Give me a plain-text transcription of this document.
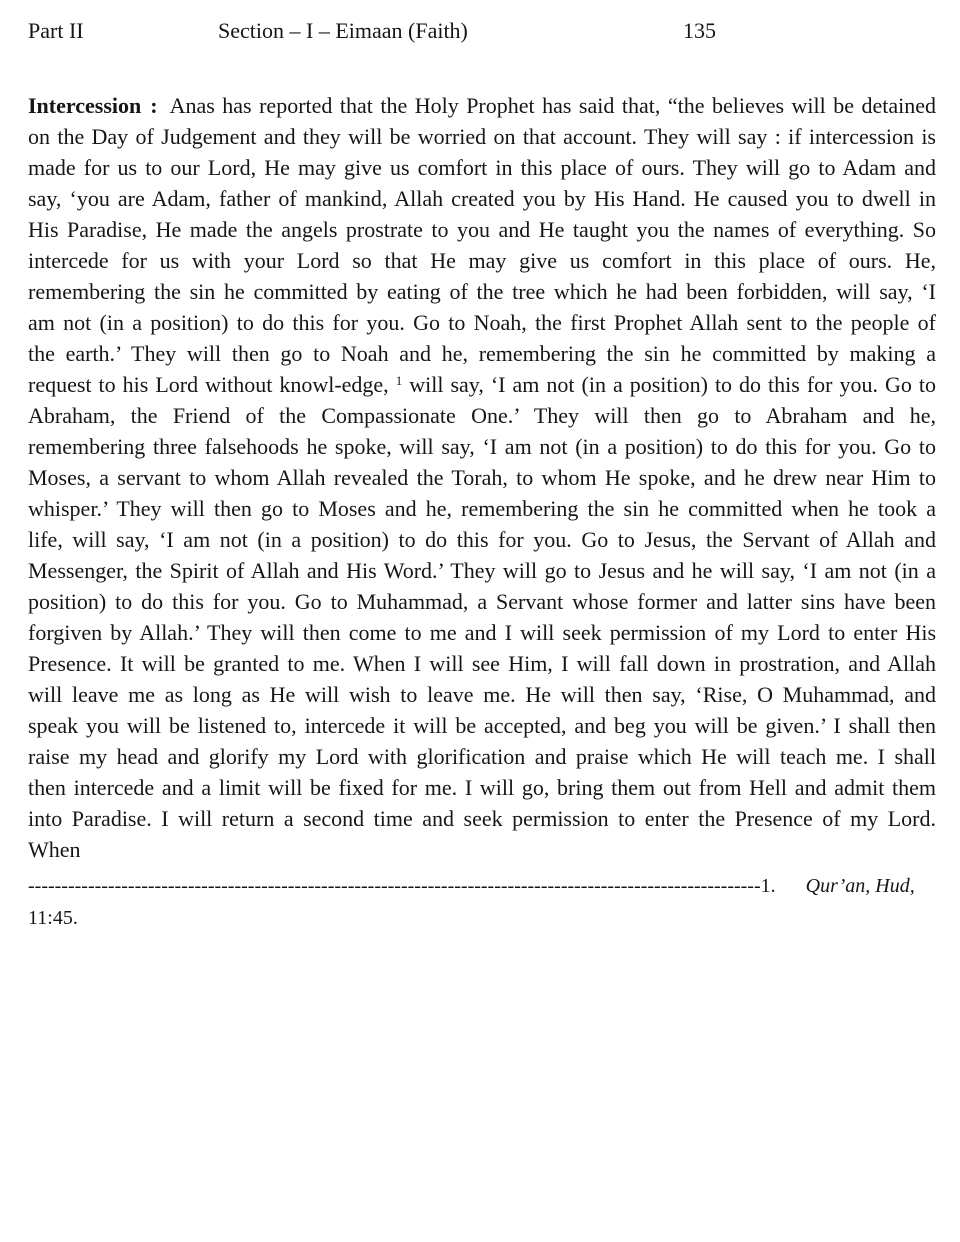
Part II	Section – I – Eimaan (Faith)	135

Intercession : Anas has reported that the Holy Prophet has said that, “the believes will be detained on the Day of Judgement and they will be worried on that account. They will say : if intercession is made for us to our Lord, He may give us comfort in this place of ours. They will go to Adam and say, ‘you are Adam, father of mankind, Allah created you by His Hand. He caused you to dwell in His Paradise, He made the angels prostrate to you and He taught you the names of everything. So intercede for us with your Lord so that He may give us comfort in this place of ours. He, remembering the sin he committed by eating of the tree which he had been forbidden, will say, ‘I am not (in a position) to do this for you. Go to Noah, the first Prophet Allah sent to the people of the earth.’ They will then go to Noah and he, remembering the sin he committed by making a request to his Lord without knowl-edge, $^1$ will say, ‘I am not (in a position) to do this for you. Go to Abraham, the Friend of the Compassionate One.’ They will then go to Abraham and he, remembering three falsehoods he spoke, will say, ‘I am not (in a position) to do this for you. Go to Moses, a servant to whom Allah revealed the Torah, to whom He spoke, and he drew near Him to whisper.’ They will then go to Moses and he, remembering the sin he committed when he took a life, will say, ‘I am not (in a position) to do this for you. Go to Jesus, the Servant of Allah and Messenger, the Spirit of Allah and His Word.’ They will go to Jesus and he will say, ‘I am not (in a position) to do this for you. Go to Muhammad, a Servant whose former and latter sins have been forgiven by Allah.’ They will then come to me and I will seek permission of my Lord to enter His Presence. It will be granted to me. When I will see Him, I will fall down in prostration, and Allah will leave me as long as He will wish to leave me. He will then say, ‘Rise, O Muhammad, and speak you will be listened to, intercede it will be accepted, and beg you will be given.’ I shall then raise my head and glorify my Lord with glorification and praise which He will teach me. I shall then intercede and a limit will be fixed for me. I will go, bring them out from Hell and admit them into Paradise. I will return a second time and seek permission to enter the Presence of my Lord. When

--------------------------------------------------------------------------------------------------------------1. Qur’an, Hud,
11:45.
